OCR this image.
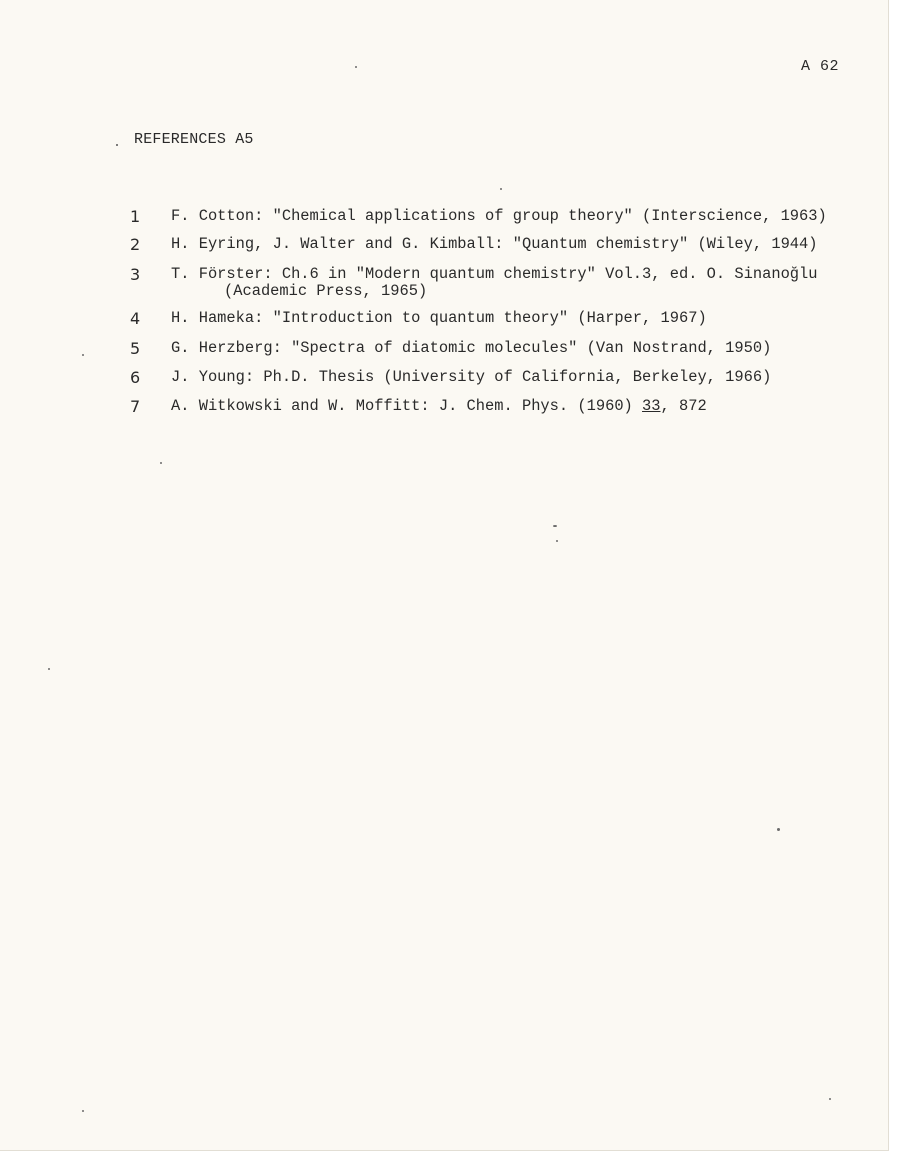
A 62
REFERENCES A5

1	F. Cotton: "Chemical applications of group theory" (Interscience, 1963)

2	H. Eyring, J. Walter and G. Kimball: "Quantum chemistry" (Wiley, 1944)

3	T. Förster: Ch.6 in "Modern quantum chemistry" Vol.3, ed. O. Sinanoğlu
(Academic Press, 1965)

4	H. Hameka: "Introduction to quantum theory" (Harper, 1967)

5	G. Herzberg: "Spectra of diatomic molecules" (Van Nostrand, 1950)

6	J. Young: Ph.D. Thesis (University of California, Berkeley, 1966)

7	A. Witkowski and W. Moffitt: J. Chem. Phys. (1960) 33, 872
